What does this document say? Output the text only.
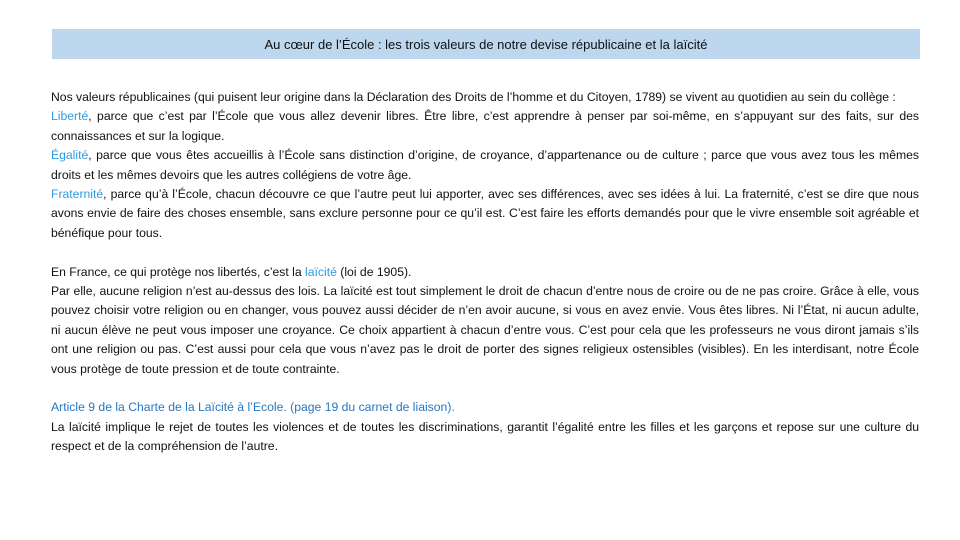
Au cœur de l’École : les trois valeurs de notre devise républicaine et la laïcité

Nos valeurs républicaines (qui puisent leur origine dans la Déclaration des Droits de l’homme et du Citoyen, 1789) se vivent au quotidien au sein du collège :

Liberté, parce que c’est par l’École que vous allez devenir libres. Être libre, c’est apprendre à penser par soi-même, en s’appuyant sur des faits, sur des connaissances et sur la logique.

Égalité, parce que vous êtes accueillis à l’École sans distinction d’origine, de croyance, d’appartenance ou de culture ; parce que vous avez tous les mêmes droits et les mêmes devoirs que les autres collégiens de votre âge.

Fraternité, parce qu’à l’École, chacun découvre ce que l’autre peut lui apporter, avec ses différences, avec ses idées à lui. La fraternité, c’est se dire que nous avons envie de faire des choses ensemble, sans exclure personne pour ce qu’il est. C’est faire les efforts demandés pour que le vivre ensemble soit agréable et bénéfique pour tous.

En France, ce qui protège nos libertés, c’est la laïcité (loi de 1905).

Par elle, aucune religion n’est au-dessus des lois. La laïcité est tout simplement le droit de chacun d’entre nous de croire ou de ne pas croire. Grâce à elle, vous pouvez choisir votre religion ou en changer, vous pouvez aussi décider de n’en avoir aucune, si vous en avez envie. Vous êtes libres. Ni l’État, ni aucun adulte, ni aucun élève ne peut vous imposer une croyance. Ce choix appartient à chacun d’entre vous. C’est pour cela que les professeurs ne vous diront jamais s’ils ont une religion ou pas. C’est aussi pour cela que vous n’avez pas le droit de porter des signes religieux ostensibles (visibles). En les interdisant, notre École vous protège de toute pression et de toute contrainte.

Article 9 de la Charte de la Laïcité à l’Ecole. (page 19 du carnet de liaison).

La laïcité implique le rejet de toutes les violences et de toutes les discriminations, garantit l’égalité entre les filles et les garçons et repose sur une culture du respect et de la compréhension de l’autre.
